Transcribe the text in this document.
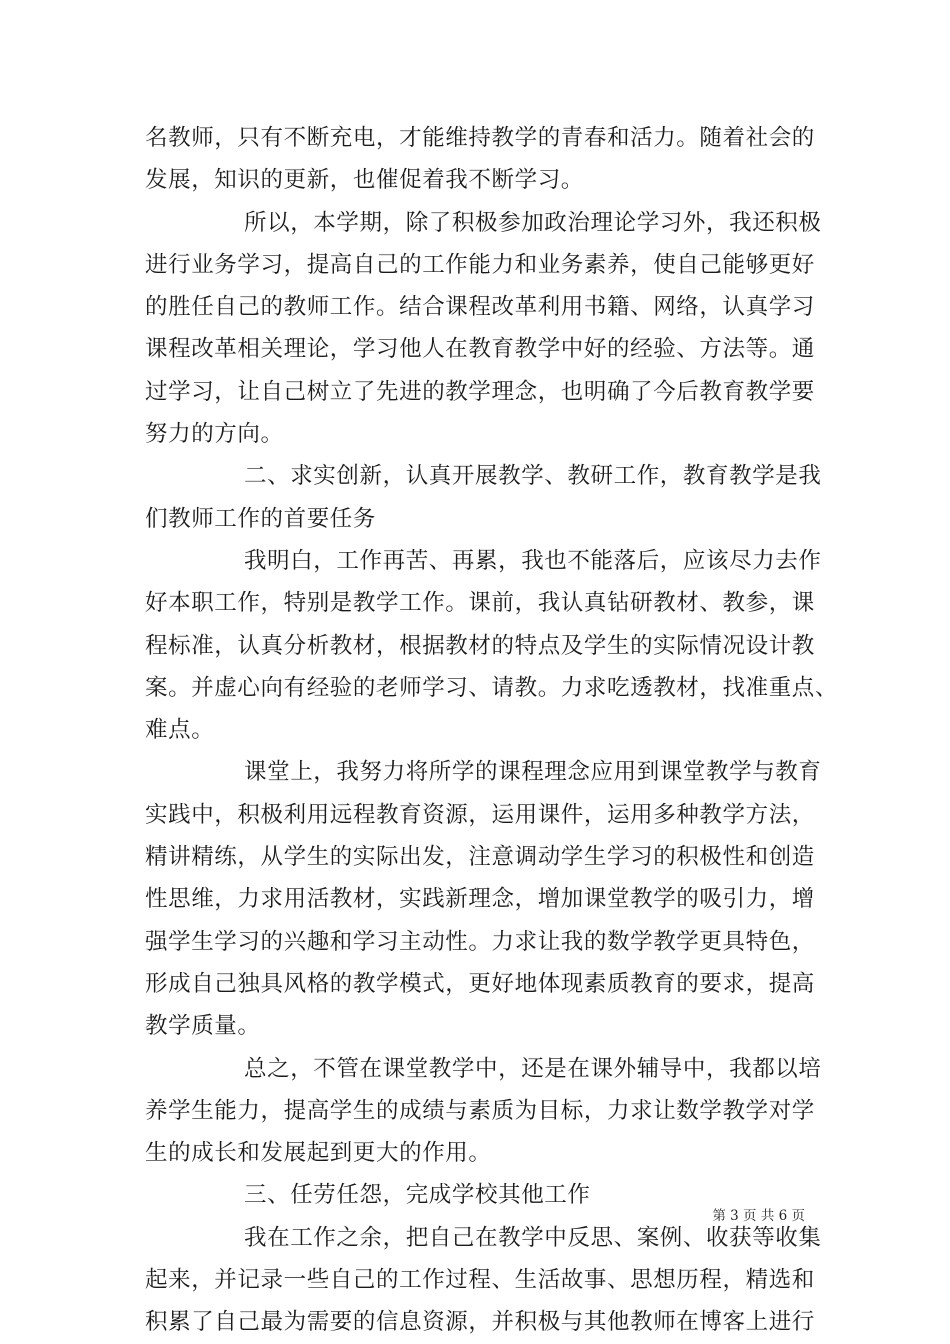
名教师，只有不断充电，才能维持教学的青春和活力。随着社会的
发展，知识的更新，也催促着我不断学习。
所以，本学期，除了积极参加政治理论学习外，我还积极
进行业务学习，提高自己的工作能力和业务素养，使自己能够更好
的胜任自己的教师工作。结合课程改革利用书籍、网络，认真学习
课程改革相关理论，学习他人在教育教学中好的经验、方法等。通
过学习，让自己树立了先进的教学理念，也明确了今后教育教学要
努力的方向。
二、求实创新，认真开展教学、教研工作，教育教学是我
们教师工作的首要任务
我明白，工作再苦、再累，我也不能落后，应该尽力去作
好本职工作，特别是教学工作。课前，我认真钻研教材、教参，课
程标准，认真分析教材，根据教材的特点及学生的实际情况设计教
案。并虚心向有经验的老师学习、请教。力求吃透教材，找准重点、
难点。
课堂上，我努力将所学的课程理念应用到课堂教学与教育
实践中，积极利用远程教育资源，运用课件，运用多种教学方法，
精讲精练，从学生的实际出发，注意调动学生学习的积极性和创造
性思维，力求用活教材，实践新理念，增加课堂教学的吸引力，增
强学生学习的兴趣和学习主动性。力求让我的数学教学更具特色，
形成自己独具风格的教学模式，更好地体现素质教育的要求，提高
教学质量。
总之，不管在课堂教学中，还是在课外辅导中，我都以培
养学生能力，提高学生的成绩与素质为目标，力求让数学教学对学
生的成长和发展起到更大的作用。
三、任劳任怨，完成学校其他工作
我在工作之余，把自己在教学中反思、案例、收获等收集
起来，并记录一些自己的工作过程、生活故事、思想历程，精选和
积累了自己最为需要的信息资源，并积极与其他教师在博客上进行
第 3 页 共 6 页
